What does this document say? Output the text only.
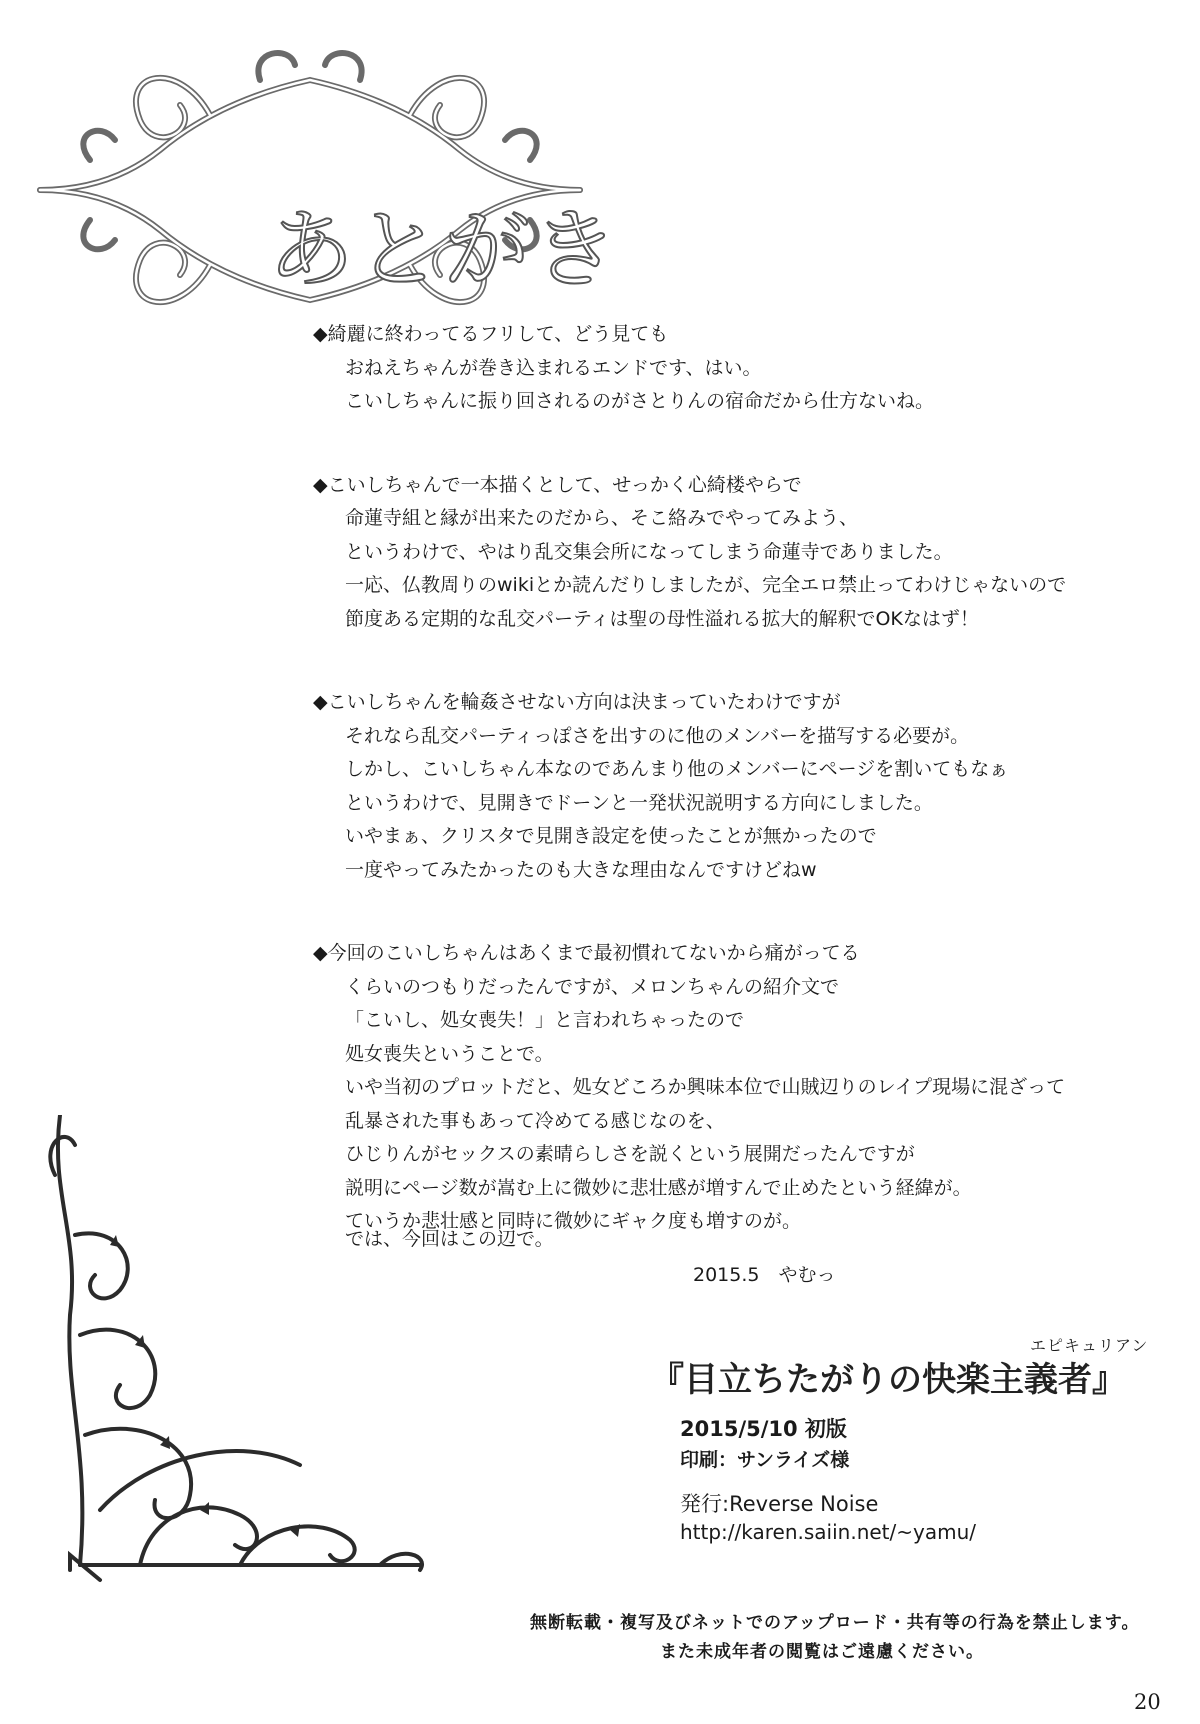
あとがき
◆綺麗に終わってるフリして、どう見ても
おねえちゃんが巻き込まれるエンドです、はい。
こいしちゃんに振り回されるのがさとりんの宿命だから仕方ないね。
◆こいしちゃんで一本描くとして、せっかく心綺楼やらで
命蓮寺組と縁が出来たのだから、そこ絡みでやってみよう、
というわけで、やはり乱交集会所になってしまう命蓮寺でありました。
一応、仏教周りのwikiとか読んだりしましたが、完全エロ禁止ってわけじゃないので
節度ある定期的な乱交パーティは聖の母性溢れる拡大的解釈でOKなはず！
◆こいしちゃんを輪姦させない方向は決まっていたわけですが
それなら乱交パーティっぽさを出すのに他のメンバーを描写する必要が。
しかし、こいしちゃん本なのであんまり他のメンバーにページを割いてもなぁ
というわけで、見開きでドーンと一発状況説明する方向にしました。
いやまぁ、クリスタで見開き設定を使ったことが無かったので
一度やってみたかったのも大きな理由なんですけどねw
◆今回のこいしちゃんはあくまで最初慣れてないから痛がってる
くらいのつもりだったんですが、メロンちゃんの紹介文で
「こいし、処女喪失！」と言われちゃったので
処女喪失ということで。
いや当初のプロットだと、処女どころか興味本位で山賊辺りのレイプ現場に混ざって
乱暴された事もあって冷めてる感じなのを、
ひじりんがセックスの素晴らしさを説くという展開だったんですが
説明にページ数が嵩む上に微妙に悲壮感が増すんで止めたという経緯が。
ていうか悲壮感と同時に微妙にギャク度も増すのが。
では、今回はこの辺で。
2015.5　やむっ
エピキュリアン
『目立ちたがりの快楽主義者』
2015/5/10 初版
印刷：サンライズ様
発行:Reverse Noise
http://karen.saiin.net/~yamu/
無断転載・複写及びネットでのアップロード・共有等の行為を禁止します。
また未成年者の閲覧はご遠慮ください。
20
